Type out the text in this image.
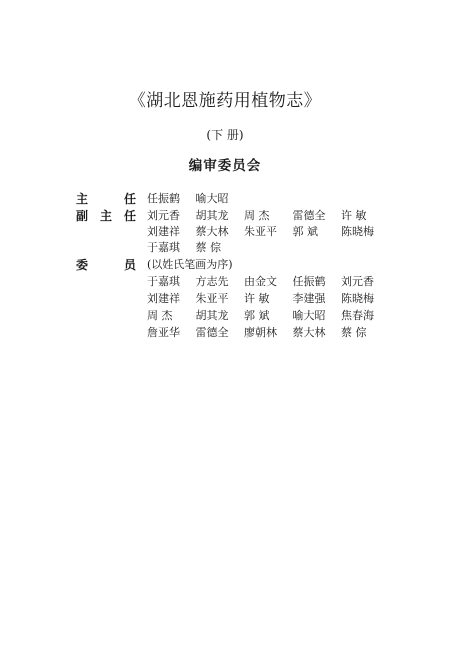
《湖北恩施药用植物志》
(下 册)
编审委员会
主	任 任振鹤	喻大昭
副 主 任 刘元香	胡其龙	周 杰	雷德全	许 敏
刘建祥	蔡大林	朱亚平	郭 斌	陈晓梅
于嘉琪	蔡 倧
委	员 (以姓氏笔画为序)
于嘉琪	方志先	由金文	任振鹤	刘元香
刘建祥	朱亚平	许 敏	李建强	陈晓梅
周 杰	胡其龙	郭 斌	喻大昭	焦春海
詹亚华	雷德全	廖朝林	蔡大林	蔡 倧
